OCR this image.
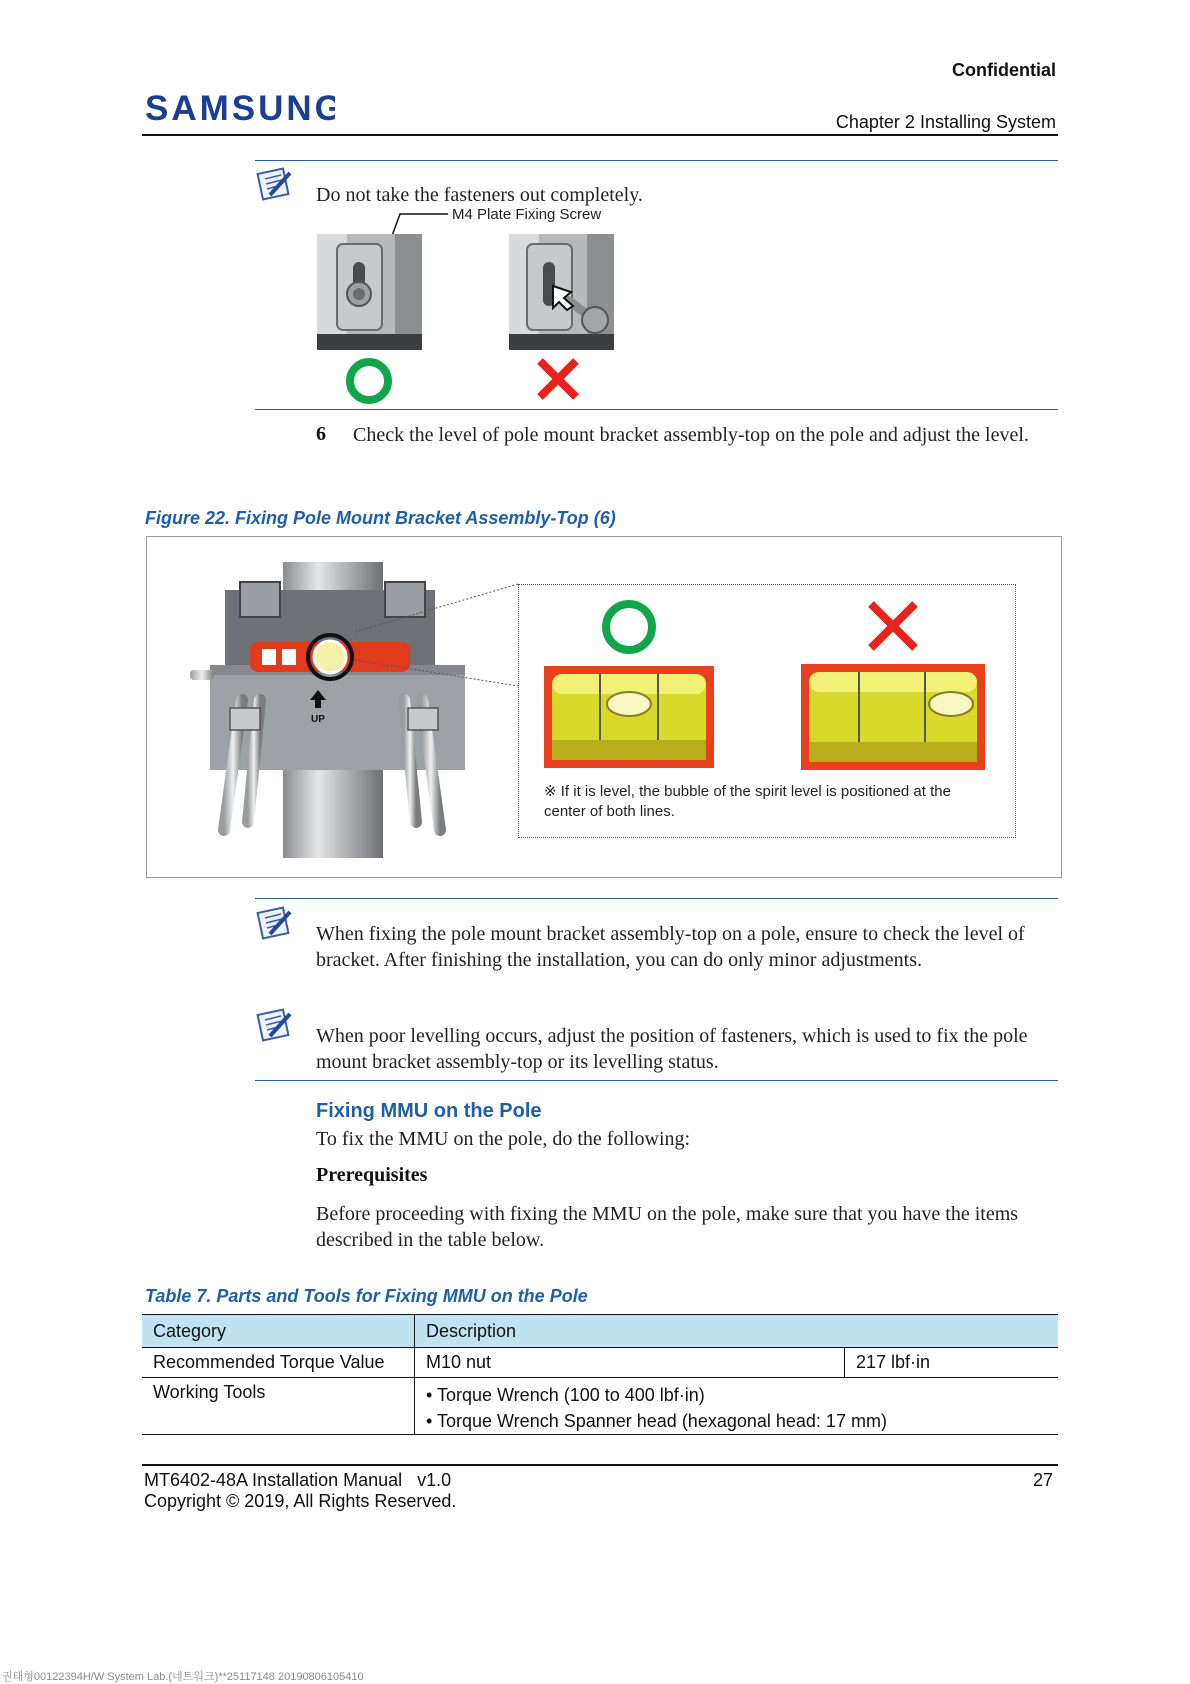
SAMSUNG
Confidential
Chapter 2 Installing System
Do not take the fasteners out completely.
M4 Plate Fixing Screw
6 Check the level of pole mount bracket assembly-top on the pole and adjust the level.
Figure 22. Fixing Pole Mount Bracket Assembly-Top (6)
UP
※ If it is level, the bubble of the spirit level is positioned at the center of both lines.
When fixing the pole mount bracket assembly-top on a pole, ensure to check the level of bracket. After finishing the installation, you can do only minor adjustments.
When poor levelling occurs, adjust the position of fasteners, which is used to fix the pole mount bracket assembly-top or its levelling status.
Fixing MMU on the Pole
To fix the MMU on the pole, do the following:
Prerequisites
Before proceeding with fixing the MMU on the pole, make sure that you have the items described in the table below.
Table 7. Parts and Tools for Fixing MMU on the Pole
Category	Description	
Recommended Torque Value	M10 nut	217 lbf·in
Working Tools	• Torque Wrench (100 to 400 lbf·in)
• Torque Wrench Spanner head (hexagonal head: 17 mm)	
MT6402-48A Installation Manual   v1.0
Copyright © 2019, All Rights Reserved.
27
권태형00122394H/W System Lab.(네트워크)**25117148 20190806105410
